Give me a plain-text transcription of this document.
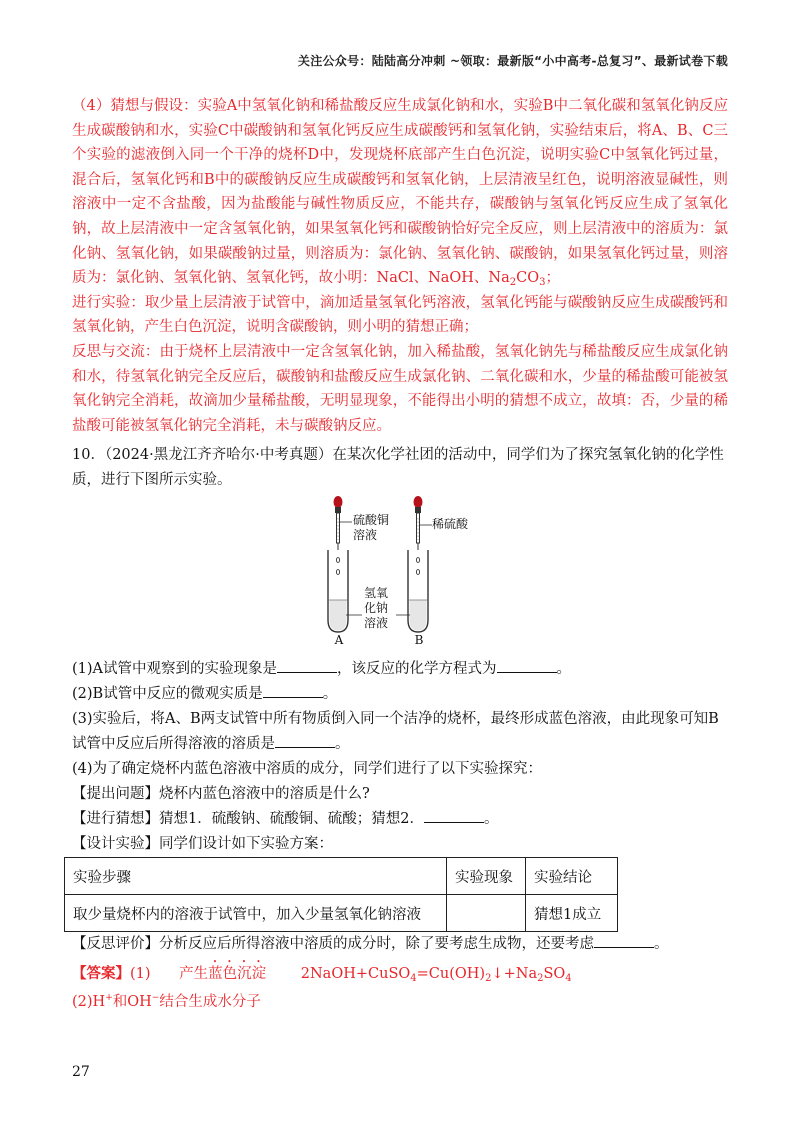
关注公众号：陆陆高分冲刺 ~领取：最新版“小中高考-总复习”、最新试卷下载
（4）猜想与假设：实验A中氢氧化钠和稀盐酸反应生成氯化钠和水，实验B中二氧化碳和氢氧化钠反应生成碳酸钠和水，实验C中碳酸钠和氢氧化钙反应生成碳酸钙和氢氧化钠，实验结束后，将A、B、C三个实验的滤液倒入同一个干净的烧杯D中，发现烧杯底部产生白色沉淀，说明实验C中氢氧化钙过量，混合后，氢氧化钙和B中的碳酸钠反应生成碳酸钙和氢氧化钠，上层清液呈红色，说明溶液显碱性，则溶液中一定不含盐酸，因为盐酸能与碱性物质反应，不能共存，碳酸钠与氢氧化钙反应生成了氢氧化钠，故上层清液中一定含氢氧化钠，如果氢氧化钙和碳酸钠恰好完全反应，则上层清液中的溶质为：氯化钠、氢氧化钠，如果碳酸钠过量，则溶质为：氯化钠、氢氧化钠、碳酸钠，如果氢氧化钙过量，则溶质为：氯化钠、氢氧化钠、氢氧化钙，故小明：NaCl、NaOH、$Na_2CO_3$；
进行实验：取少量上层清液于试管中，滴加适量氢氧化钙溶液，氢氧化钙能与碳酸钠反应生成碳酸钙和氢氧化钠，产生白色沉淀，说明含碳酸钠，则小明的猜想正确；
反思与交流：由于烧杯上层清液中一定含氢氧化钠，加入稀盐酸，氢氧化钠先与稀盐酸反应生成氯化钠和水，待氢氧化钠完全反应后，碳酸钠和盐酸反应生成氯化钠、二氧化碳和水，少量的稀盐酸可能被氢氧化钠完全消耗，故滴加少量稀盐酸，无明显现象，不能得出小明的猜想不成立，故填：否，少量的稀盐酸可能被氢氧化钠完全消耗，未与碳酸钠反应。
10．（2024·黑龙江齐齐哈尔·中考真题）在某次化学社团的活动中，同学们为了探究氢氧化钠的化学性质，进行下图所示实验。
硫酸铜溶液
稀硫酸
氢氧化钠溶液
A	B
(1)A试管中观察到的实验现象是	，该反应的化学方程式为	。
(2)B试管中反应的微观实质是	。
(3)实验后，将A、B两支试管中所有物质倒入同一个洁净的烧杯，最终形成蓝色溶液，由此现象可知B试管中反应后所得溶液的溶质是	。
(4)为了确定烧杯内蓝色溶液中溶质的成分，同学们进行了以下实验探究：
【提出问题】烧杯内蓝色溶液中的溶质是什么?
【进行猜想】猜想1．硫酸钠、硫酸铜、硫酸；猜想2．	。
【设计实验】同学们设计如下实验方案：
实验步骤	实验现象	实验结论
取少量烧杯内的溶液于试管中，加入少量氢氧化钠溶液		猜想1成立
【反思评价】分析反应后所得溶液中溶质的成分时，除了要考虑生成物，还要考虑	。
【答案】(1) 产生蓝色沉淀 $2NaOH+CuSO_4=Cu(OH)_2↓+Na_2SO_4$
(2)H+和OH−结合生成水分子
27
